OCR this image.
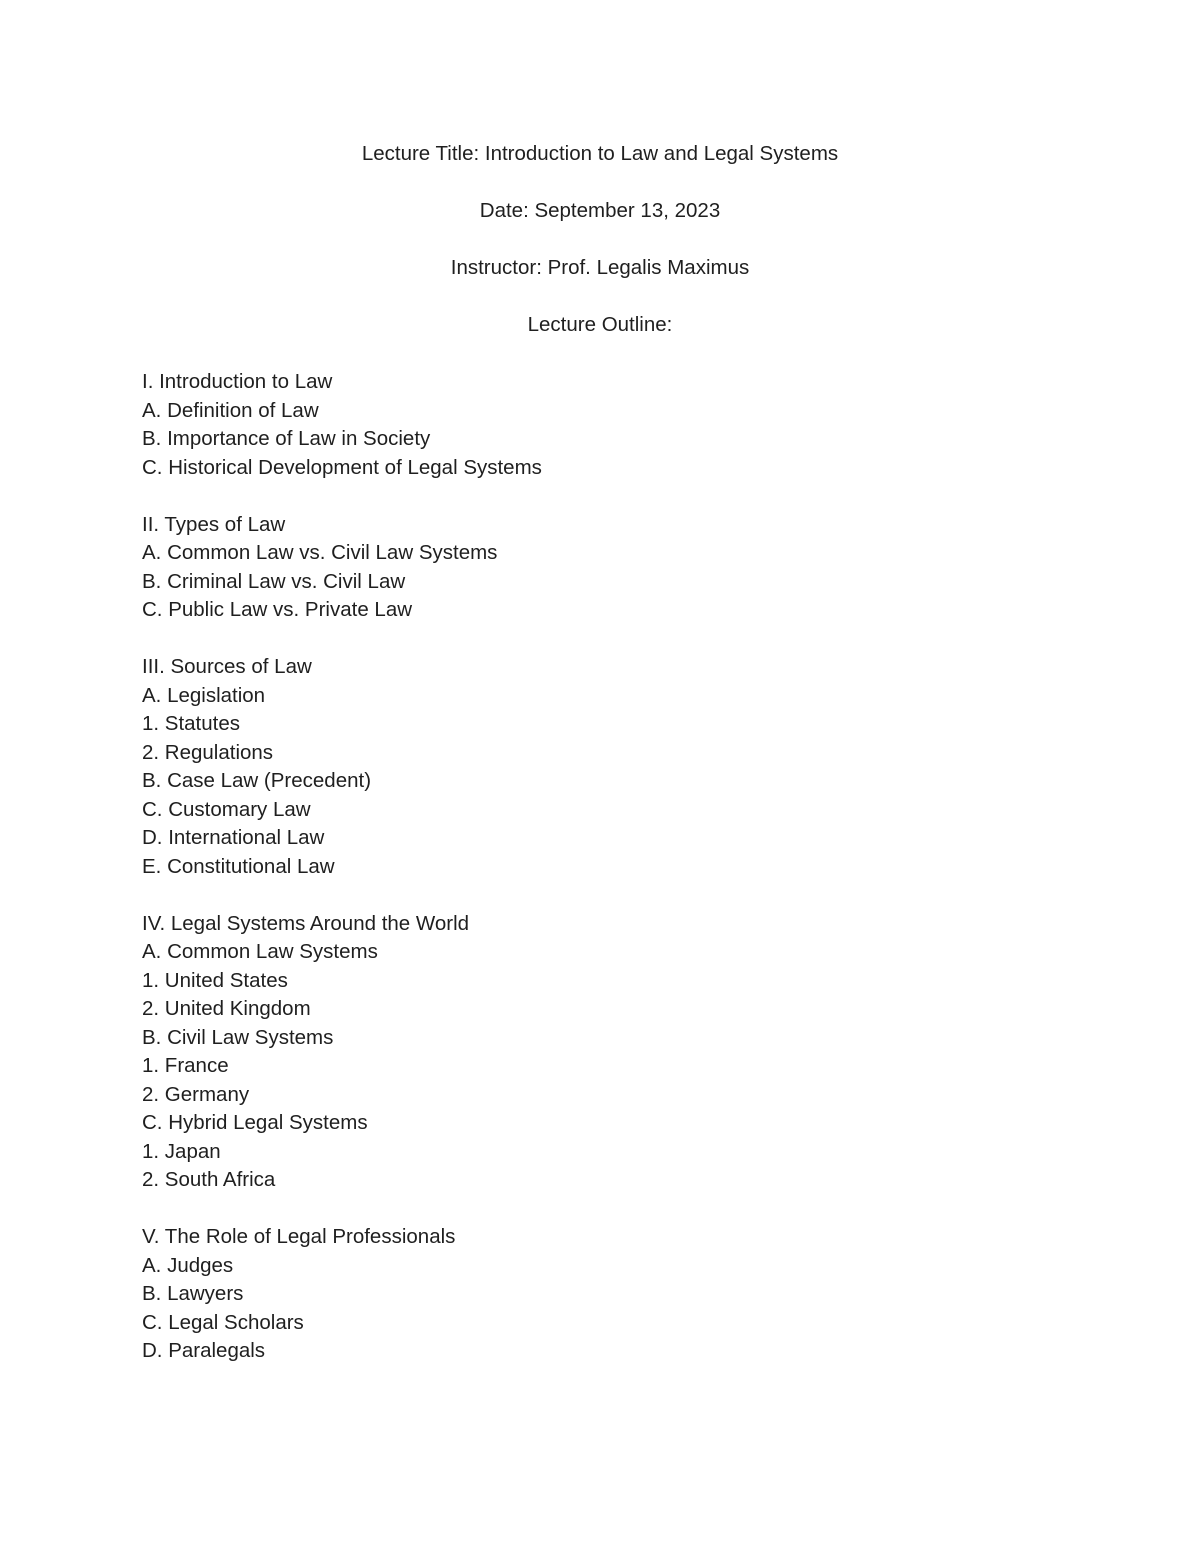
Lecture Title: Introduction to Law and Legal Systems
Date: September 13, 2023
Instructor: Prof. Legalis Maximus
Lecture Outline:
I. Introduction to Law
A. Definition of Law
B. Importance of Law in Society
C. Historical Development of Legal Systems
II. Types of Law
A. Common Law vs. Civil Law Systems
B. Criminal Law vs. Civil Law
C. Public Law vs. Private Law
III. Sources of Law
A. Legislation
1. Statutes
2. Regulations
B. Case Law (Precedent)
C. Customary Law
D. International Law
E. Constitutional Law
IV. Legal Systems Around the World
A. Common Law Systems
1. United States
2. United Kingdom
B. Civil Law Systems
1. France
2. Germany
C. Hybrid Legal Systems
1. Japan
2. South Africa
V. The Role of Legal Professionals
A. Judges
B. Lawyers
C. Legal Scholars
D. Paralegals
